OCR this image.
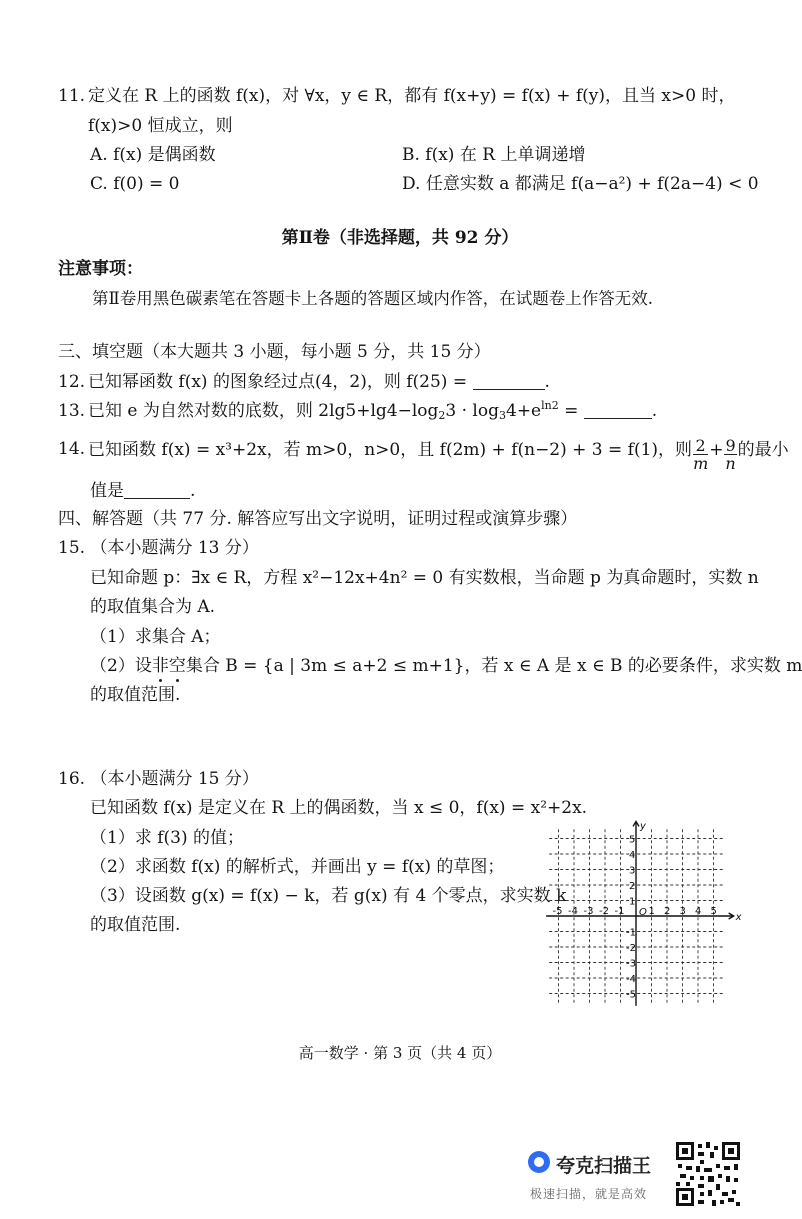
11. 定义在 R 上的函数 f(x)，对 ∀x，y ∈ R，都有 f(x+y) = f(x) + f(y)，且当 x>0 时，
f(x)>0 恒成立，则
A. f(x) 是偶函数	B. f(x) 在 R 上单调递增
C. f(0) = 0	D. 任意实数 a 都满足 f(a−a²) + f(2a−4) < 0
第Ⅱ卷（非选择题，共 92 分）
注意事项：
第Ⅱ卷用黑色碳素笔在答题卡上各题的答题区域内作答，在试题卷上作答无效.
三、填空题（本大题共 3 小题，每小题 5 分，共 15 分）
12. 已知幂函数 f(x) 的图象经过点(4，2)，则 f(25) =	.
13. 已知 e 为自然对数的底数，则 $2\lg 5+\lg 4-\log_23 \cdot \log_34+e^{ln2}$ =	.
14. 已知函数 f(x) = x³+2x，若 m>0，n>0，且 f(2m) + f(n−2) + 3 = f(1)，则 $\frac{2}{m} + \frac{9}{n}$ 的最小
值是	.
四、解答题（共 77 分. 解答应写出文字说明，证明过程或演算步骤）
15. （本小题满分 13 分）
已知命题 p：∃x ∈ R，方程 x²−12x+4n² = 0 有实数根，当命题 p 为真命题时，实数 n
的取值集合为 A.
（1）求集合 A；
（2）设非空集合 B = {a | 3m ≤ a+2 ≤ m+1}，若 x ∈ A 是 x ∈ B 的必要条件，求实数 m
的取值范围.
16. （本小题满分 15 分）
已知函数 f(x) 是定义在 R 上的偶函数，当 x ≤ 0，f(x) = x²+2x.
（1）求 f(3) 的值；
（2）求函数 f(x) 的解析式，并画出 y = f(x) 的草图；
（3）设函数 g(x) = f(x) − k，若 g(x) 有 4 个零点，求实数 k
的取值范围.
y
x
O
5
4
3
2
1
-1
-2
-3
-4
-5
-5 -4 -3 -2 -1 1 2 3 4 5
高一数学 · 第 3 页（共 4 页）
夸克扫描王
极速扫描，就是高效
